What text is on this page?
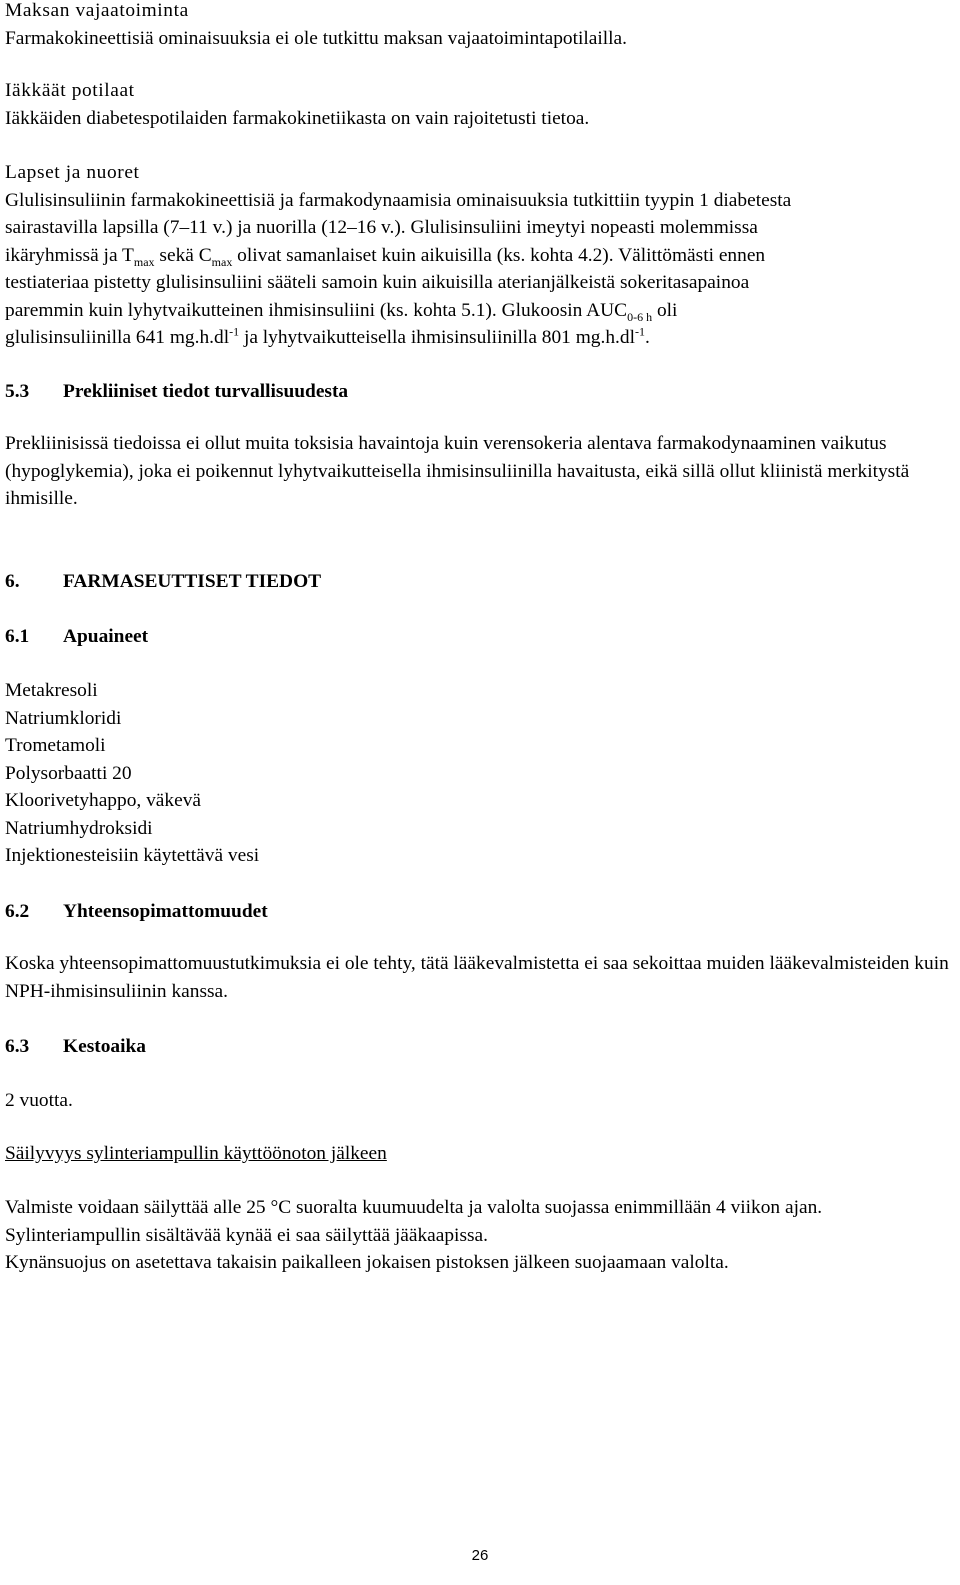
Maksan vajaatoiminta

Farmakokineettisiä ominaisuuksia ei ole tutkittu maksan vajaatoimintapotilailla.

Iäkkäät potilaat

Iäkkäiden diabetespotilaiden farmakokinetiikasta on vain rajoitetusti tietoa.

Lapset ja nuoret

Glulisinsuliinin farmakokineettisiä ja farmakodynaamisia ominaisuuksia tutkittiin tyypin 1 diabetesta

sairastavilla lapsilla (7–11 v.) ja nuorilla (12–16 v.). Glulisinsuliini imeytyi nopeasti molemmissa

ikäryhmissä ja $T_{max}$ sekä $C_{max}$ olivat samanlaiset kuin aikuisilla (ks. kohta 4.2). Välittömästi ennen

testiateriaa pistetty glulisinsuliini sääteli samoin kuin aikuisilla aterianjälkeistä sokeritasapainoa

paremmin kuin lyhytvaikutteinen ihmisinsuliini (ks. kohta 5.1). Glukoosin $AUC_{0-6 h}$ oli

glulisinsuliinilla 641 $mg.h.dl^{-1}$ ja lyhytvaikutteisella ihmisinsuliinilla 801 $mg.h.dl^{-1}$.

5.3 Prekliiniset tiedot turvallisuudesta

Prekliinisissä tiedoissa ei ollut muita toksisia havaintoja kuin verensokeria alentava farmakodynaaminen vaikutus (hypoglykemia), joka ei poikennut lyhytvaikutteisella ihmisinsuliinilla havaitusta, eikä sillä ollut kliinistä merkitystä ihmisille.

6. FARMASEUTTISET TIEDOT
6.1 Apuaineet

Metakresoli

Natriumkloridi

Trometamoli

Polysorbaatti 20

Kloorivetyhappo, väkevä

Natriumhydroksidi

Injektionesteisiin käytettävä vesi

6.2 Yhteensopimattomuudet

Koska yhteensopimattomuustutkimuksia ei ole tehty, tätä lääkevalmistetta ei saa sekoittaa muiden lääkevalmisteiden kuin NPH-ihmisinsuliinin kanssa.

6.3 Kestoaika

2 vuotta.

Säilyvyys sylinteriampullin käyttöönoton jälkeen

Valmiste voidaan säilyttää alle 25 °C suoralta kuumuudelta ja valolta suojassa enimmillään 4 viikon ajan.

Sylinteriampullin sisältävää kynää ei saa säilyttää jääkaapissa.

Kynänsuojus on asetettava takaisin paikalleen jokaisen pistoksen jälkeen suojaamaan valolta.

26
